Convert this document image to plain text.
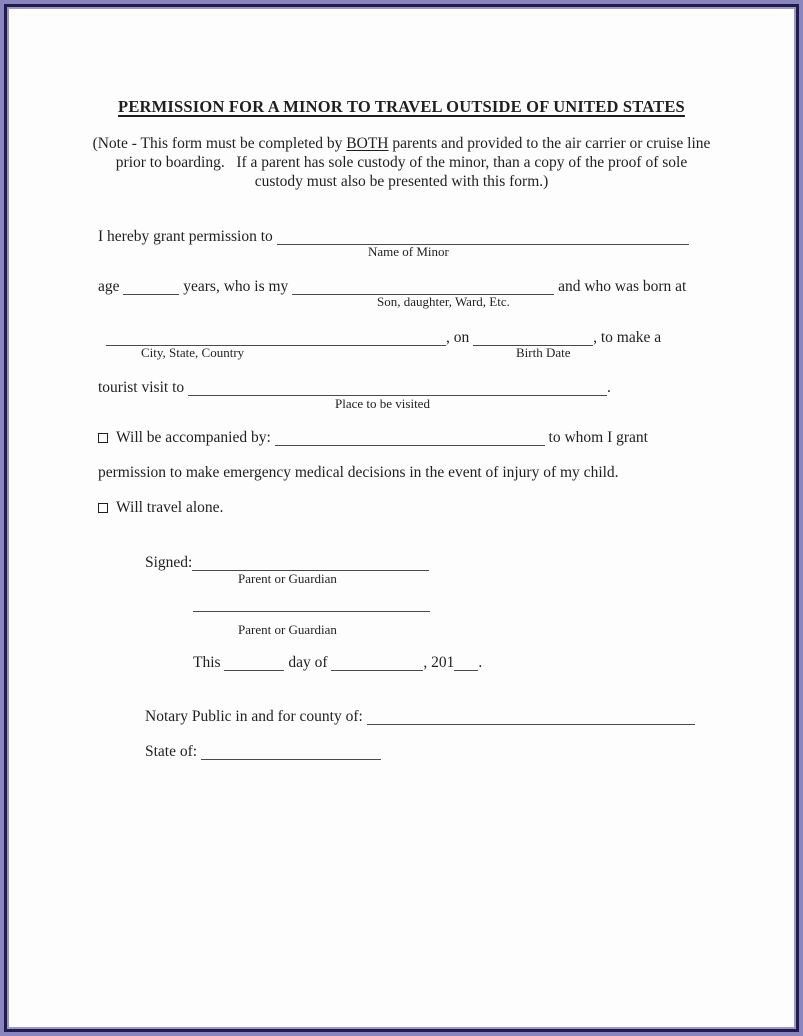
PERMISSION FOR A MINOR TO TRAVEL OUTSIDE OF UNITED STATES
(Note - This form must be completed by BOTH parents and provided to the air carrier or cruise line
prior to boarding.   If a parent has sole custody of the minor, than a copy of the proof of sole
custody must also be presented with this form.)
I hereby grant permission to
Name of Minor
age	years, who is my	and who was born at
Son, daughter, Ward, Etc.
, on	, to make a
City, State, Country	Birth Date
tourist visit to	.
Place to be visited
Will be accompanied by:	to whom I grant
permission to make emergency medical decisions in the event of injury of my child.
Will travel alone.
Signed:
Parent or Guardian
Parent or Guardian
This	day of	, 201 .
Notary Public in and for county of:
State of:
